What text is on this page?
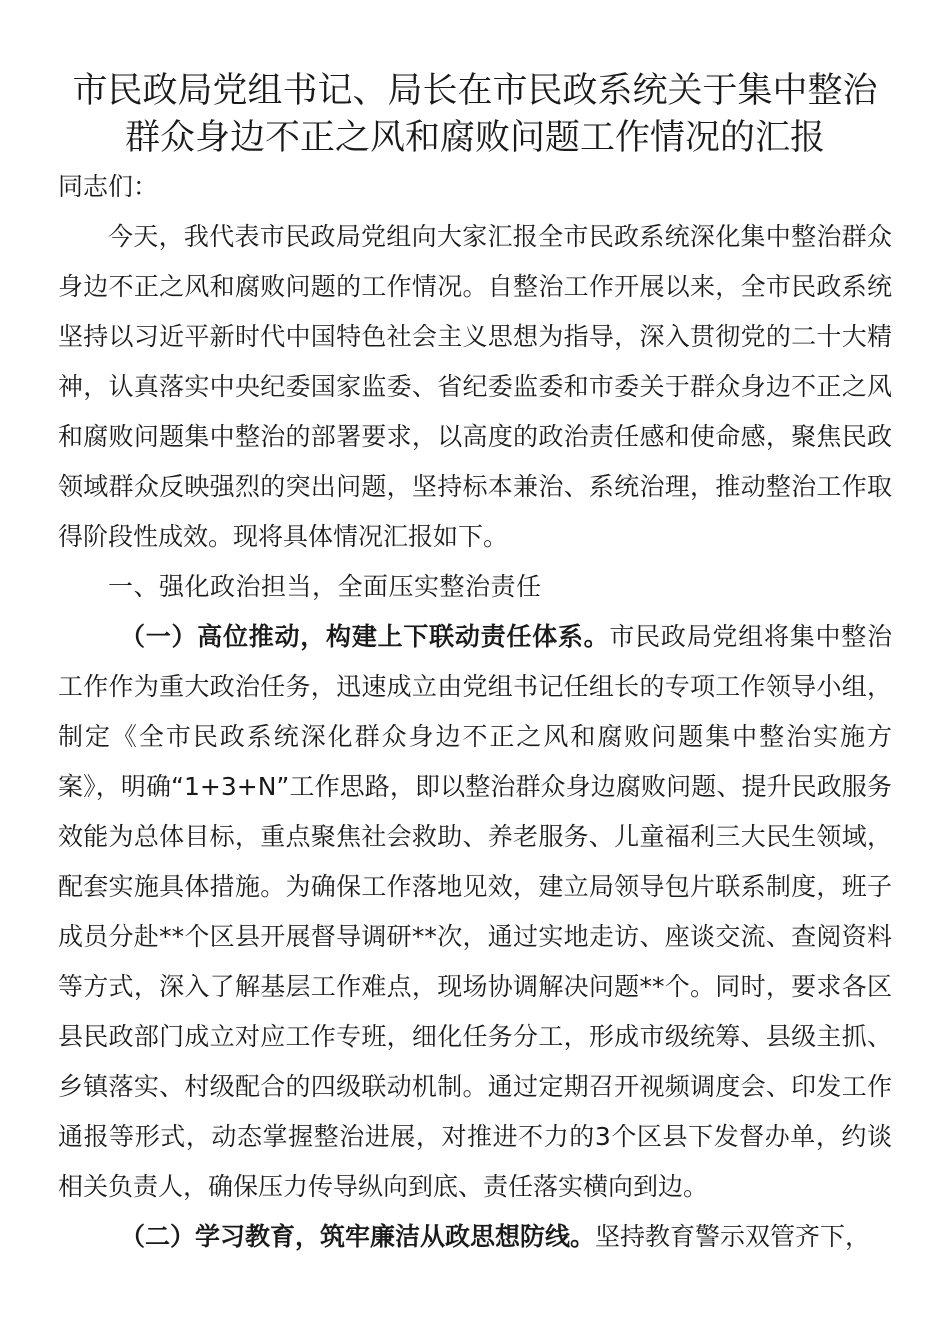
市民政局党组书记、局长在市民政系统关于集中整治
群众身边不正之风和腐败问题工作情况的汇报
同志们：

今天，我代表市民政局党组向大家汇报全市民政系统深化集中整治群众身边不正之风和腐败问题的工作情况。自整治工作开展以来，全市民政系统坚持以习近平新时代中国特色社会主义思想为指导，深入贯彻党的二十大精神，认真落实中央纪委国家监委、省纪委监委和市委关于群众身边不正之风和腐败问题集中整治的部署要求，以高度的政治责任感和使命感，聚焦民政领域群众反映强烈的突出问题，坚持标本兼治、系统治理，推动整治工作取得阶段性成效。现将具体情况汇报如下。

一、强化政治担当，全面压实整治责任

（一）高位推动，构建上下联动责任体系。市民政局党组将集中整治工作作为重大政治任务，迅速成立由党组书记任组长的专项工作领导小组，制定《全市民政系统深化群众身边不正之风和腐败问题集中整治实施方案》，明确“1+3+N”工作思路，即以整治群众身边腐败问题、提升民政服务效能为总体目标，重点聚焦社会救助、养老服务、儿童福利三大民生领域，配套实施具体措施。为确保工作落地见效，建立局领导包片联系制度，班子成员分赴**个区县开展督导调研**次，通过实地走访、座谈交流、查阅资料等方式，深入了解基层工作难点，现场协调解决问题**个。同时，要求各区县民政部门成立对应工作专班，细化任务分工，形成市级统筹、县级主抓、乡镇落实、村级配合的四级联动机制。通过定期召开视频调度会、印发工作通报等形式，动态掌握整治进展，对推进不力的3个区县下发督办单，约谈相关负责人，确保压力传导纵向到底、责任落实横向到边。

（二）学习教育，筑牢廉洁从政思想防线。坚持教育警示双管齐下，
